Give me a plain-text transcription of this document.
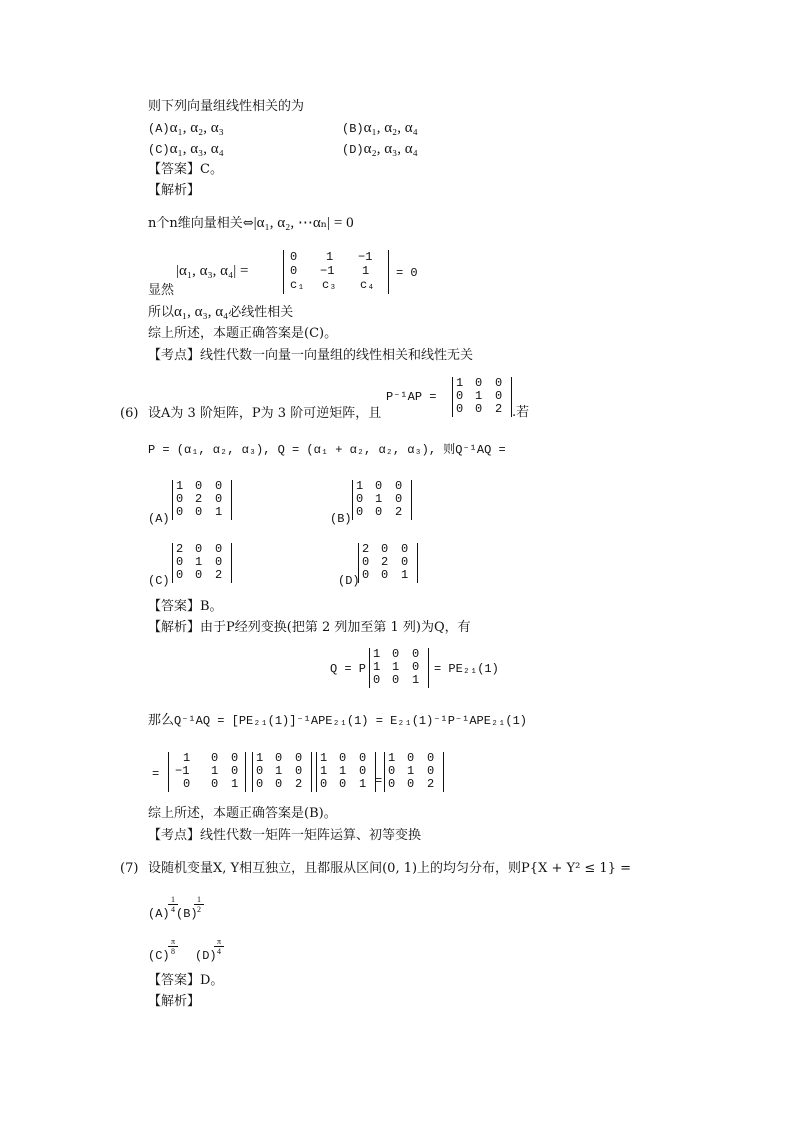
则下列向量组线性相关的为
(A)α₁, α₂, α₃	(B)α₁, α₂, α₄
(C)α₁, α₃, α₄	(D)α₂, α₃, α₄
【答案】C。
【解析】
n个n维向量相关⇔|α₁, α₂, ⋯αₙ| = 0
|α₁, α₃, α₄| =
0 1 −1
0 −1 1
c₁ c₃ c₄
= 0
显然
所以α₁, α₃, α₄必线性相关
综上所述，本题正确答案是(C)。
【考点】线性代数一向量一向量组的线性相关和线性无关
(6) 设A为 3 阶矩阵，P为 3 阶可逆矩阵，且
P⁻¹AP =
1 0 0
0 1 0
0 0 2 .若
P = (α₁, α₂, α₃), Q = (α₁ + α₂, α₂, α₃), 则Q⁻¹AQ =
(A)
1 0 0
0 2 0
0 0 1	(B)
1 0 0
0 1 0
0 0 2
(C)
2 0 0
0 1 0
0 0 2	(D)
2 0 0
0 2 0
0 0 1
【答案】B。
【解析】由于P经列变换(把第 2 列加至第 1 列)为Q，有
Q = P
1 0 0
1 1 0
0 0 1
= PE₂₁(1)
那么Q⁻¹AQ = [PE₂₁(1)]⁻¹APE₂₁(1) = E₂₁(1)⁻¹P⁻¹APE₂₁(1)
=
1 0 0
−1 1 0
0 0 1
1 0 0
0 1 0
0 0 2
1 0 0
1 1 0
0 0 1 =
1 0 0
0 1 0
0 0 2
综上所述，本题正确答案是(B)。
【考点】线性代数一矩阵一矩阵运算、初等变换
(7) 设随机变量X, Y相互独立，且都服从区间(0, 1)上的均匀分布，则P{X + Y² ≤ 1} =
(A)
1
4 (B)
1
2
(C)
π
8 (D)
π
4
【答案】D。
【解析】
